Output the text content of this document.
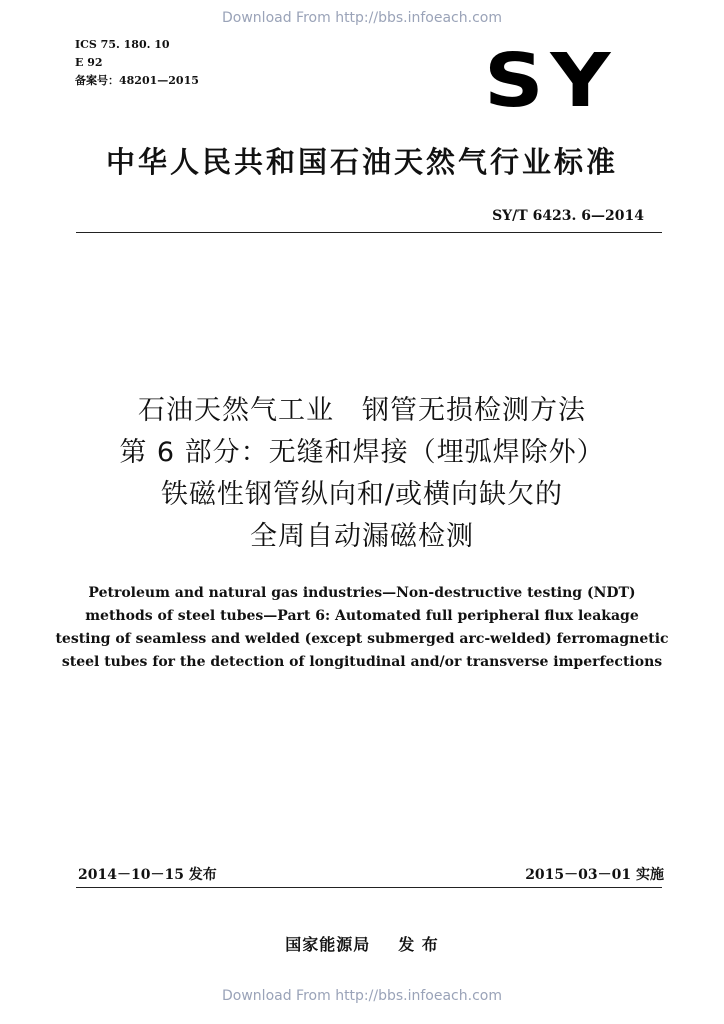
Download From http://bbs.infoeach.com
ICS 75. 180. 10
E 92
备案号：48201—2015	SY
中华人民共和国石油天然气行业标准
SY/T 6423. 6—2014
石油天然气工业　钢管无损检测方法
第 6 部分：无缝和焊接（埋弧焊除外）
铁磁性钢管纵向和/或横向缺欠的
全周自动漏磁检测
Petroleum and natural gas industries—Non-destructive testing (NDT)
methods of steel tubes—Part 6: Automated full peripheral flux leakage
testing of seamless and welded (except submerged arc-welded) ferromagnetic
steel tubes for the detection of longitudinal and/or transverse imperfections
2014－10－15 发布	2015－03－01 实施
国家能源局 发 布
Download From http://bbs.infoeach.com
